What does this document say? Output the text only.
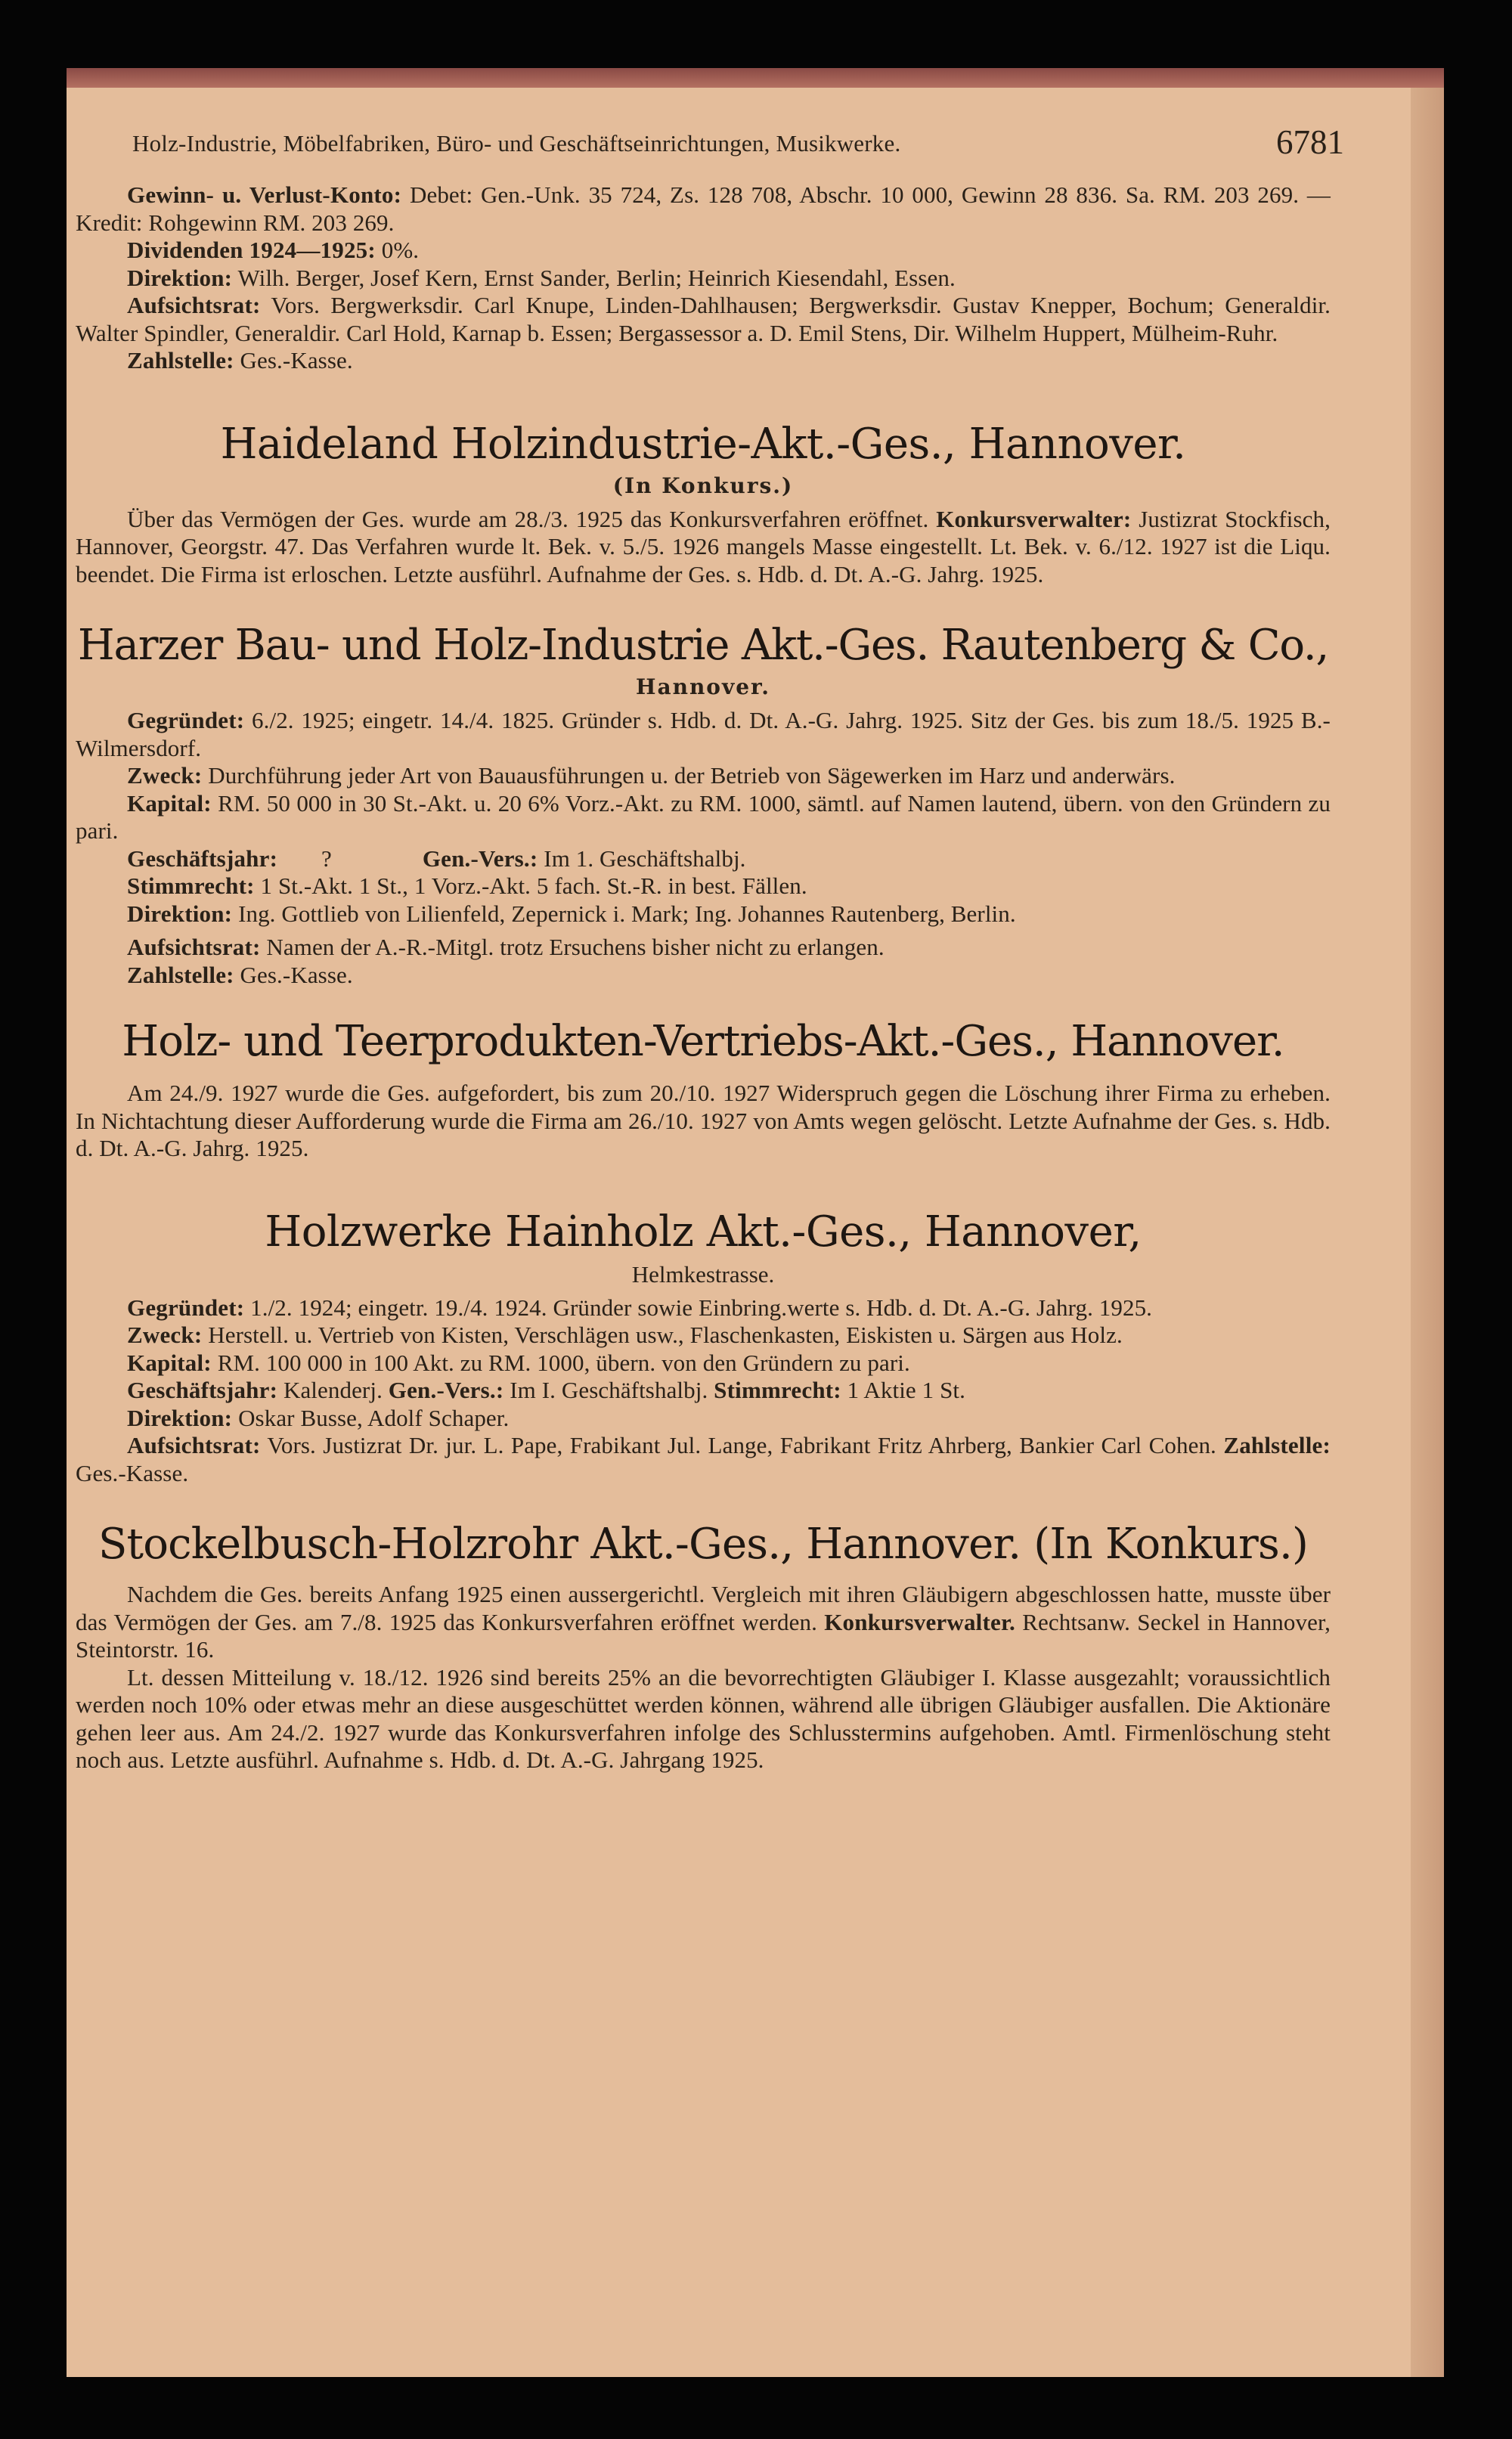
Holz-Industrie, Möbelfabriken, Büro- und Geschäftseinrichtungen, Musikwerke.	6781

Gewinn- u. Verlust-Konto: Debet: Gen.-Unk. 35 724, Zs. 128 708, Abschr. 10 000, Gewinn 28 836. Sa. RM. 203 269. — Kredit: Rohgewinn RM. 203 269.

Dividenden 1924—1925: 0%.

Direktion: Wilh. Berger, Josef Kern, Ernst Sander, Berlin; Heinrich Kiesendahl, Essen.

Aufsichtsrat: Vors. Bergwerksdir. Carl Knupe, Linden-Dahlhausen; Bergwerksdir. Gustav Knepper, Bochum; Generaldir. Walter Spindler, Generaldir. Carl Hold, Karnap b. Essen; Bergassessor a. D. Emil Stens, Dir. Wilhelm Huppert, Mülheim-Ruhr.

Zahlstelle: Ges.-Kasse.

Haideland Holzindustrie-Akt.-Ges., Hannover.
(In Konkurs.)

Über das Vermögen der Ges. wurde am 28./3. 1925 das Konkursverfahren eröffnet. Konkursverwalter: Justizrat Stockfisch, Hannover, Georgstr. 47. Das Verfahren wurde lt. Bek. v. 5./5. 1926 mangels Masse eingestellt. Lt. Bek. v. 6./12. 1927 ist die Liqu. beendet. Die Firma ist erloschen. Letzte ausführl. Aufnahme der Ges. s. Hdb. d. Dt. A.-G. Jahrg. 1925.

Harzer Bau- und Holz-Industrie Akt.-Ges. Rautenberg & Co.,
Hannover.

Gegründet: 6./2. 1925; eingetr. 14./4. 1825. Gründer s. Hdb. d. Dt. A.-G. Jahrg. 1925. Sitz der Ges. bis zum 18./5. 1925 B.-Wilmersdorf.

Zweck: Durchführung jeder Art von Bauausführungen u. der Betrieb von Sägewerken im Harz und anderwärs.

Kapital: RM. 50 000 in 30 St.-Akt. u. 20 6% Vorz.-Akt. zu RM. 1000, sämtl. auf Namen lautend, übern. von den Gründern zu pari.

Geschäftsjahr: ?	Gen.-Vers.: Im 1. Geschäftshalbj.

Stimmrecht: 1 St.-Akt. 1 St., 1 Vorz.-Akt. 5 fach. St.-R. in best. Fällen.

Direktion: Ing. Gottlieb von Lilienfeld, Zepernick i. Mark; Ing. Johannes Rautenberg, Berlin.

Aufsichtsrat: Namen der A.-R.-Mitgl. trotz Ersuchens bisher nicht zu erlangen.

Zahlstelle: Ges.-Kasse.

Holz- und Teerprodukten-Vertriebs-Akt.-Ges., Hannover.

Am 24./9. 1927 wurde die Ges. aufgefordert, bis zum 20./10. 1927 Widerspruch gegen die Löschung ihrer Firma zu erheben. In Nichtachtung dieser Aufforderung wurde die Firma am 26./10. 1927 von Amts wegen gelöscht. Letzte Aufnahme der Ges. s. Hdb. d. Dt. A.-G. Jahrg. 1925.

Holzwerke Hainholz Akt.-Ges., Hannover,
Helmkestrasse.

Gegründet: 1./2. 1924; eingetr. 19./4. 1924. Gründer sowie Einbring.werte s. Hdb. d. Dt. A.-G. Jahrg. 1925.

Zweck: Herstell. u. Vertrieb von Kisten, Verschlägen usw., Flaschenkasten, Eiskisten u. Särgen aus Holz.

Kapital: RM. 100 000 in 100 Akt. zu RM. 1000, übern. von den Gründern zu pari.

Geschäftsjahr: Kalenderj. Gen.-Vers.: Im I. Geschäftshalbj. Stimmrecht: 1 Aktie 1 St.

Direktion: Oskar Busse, Adolf Schaper.

Aufsichtsrat: Vors. Justizrat Dr. jur. L. Pape, Frabikant Jul. Lange, Fabrikant Fritz Ahrberg, Bankier Carl Cohen. Zahlstelle: Ges.-Kasse.

Stockelbusch-Holzrohr Akt.-Ges., Hannover. (In Konkurs.)

Nachdem die Ges. bereits Anfang 1925 einen aussergerichtl. Vergleich mit ihren Gläubigern abgeschlossen hatte, musste über das Vermögen der Ges. am 7./8. 1925 das Konkursverfahren eröffnet werden. Konkursverwalter. Rechtsanw. Seckel in Hannover, Steintorstr. 16.

Lt. dessen Mitteilung v. 18./12. 1926 sind bereits 25% an die bevorrechtigten Gläubiger I. Klasse ausgezahlt; voraussichtlich werden noch 10% oder etwas mehr an diese ausgeschüttet werden können, während alle übrigen Gläubiger ausfallen. Die Aktionäre gehen leer aus. Am 24./2. 1927 wurde das Konkursverfahren infolge des Schlusstermins aufgehoben. Amtl. Firmenlöschung steht noch aus. Letzte ausführl. Aufnahme s. Hdb. d. Dt. A.-G. Jahrgang 1925.
